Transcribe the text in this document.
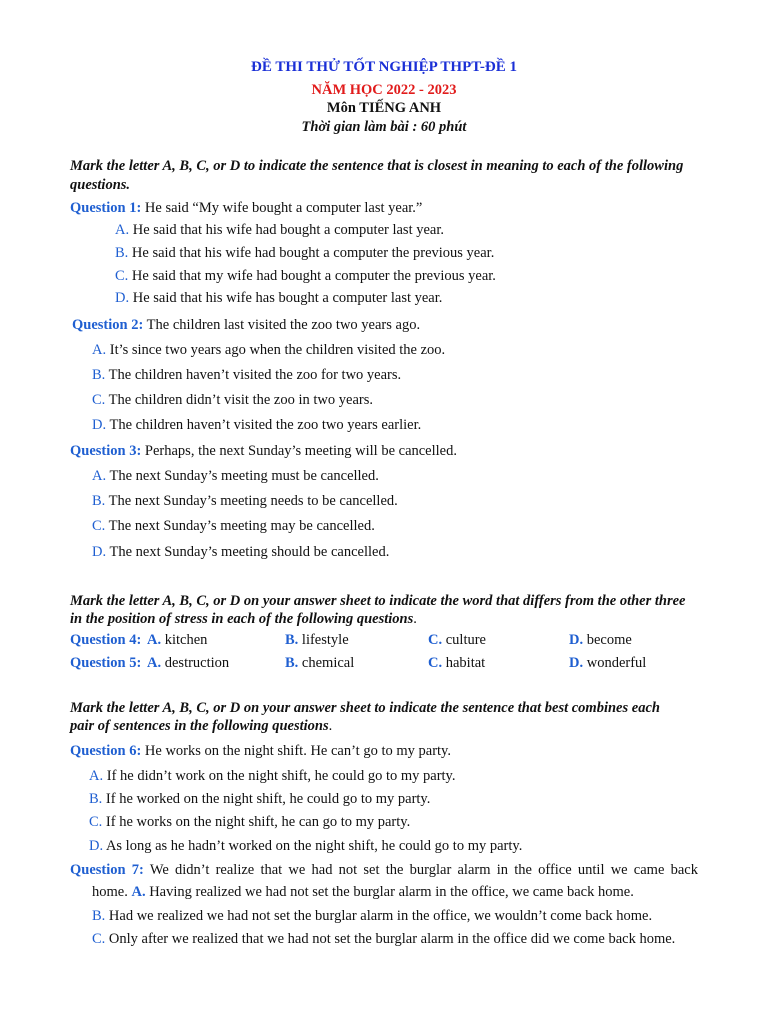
ĐỀ THI THỬ TỐT NGHIỆP THPT-ĐỀ 1
NĂM HỌC 2022 - 2023
Môn TIẾNG ANH
Thời gian làm bài : 60 phút
Mark the letter A, B, C, or D to indicate the sentence that is closest in meaning to each of the following
questions.
Question 1: He said “My wife bought a computer last year.”
A. He said that his wife had bought a computer last year.
B. He said that his wife had bought a computer the previous year.
C. He said that my wife had bought a computer the previous year.
D. He said that his wife has bought a computer last year.
Question 2: The children last visited the zoo two years ago.
A. It’s since two years ago when the children visited the zoo.
B. The children haven’t visited the zoo for two years.
C. The children didn’t visit the zoo in two years.
D. The children haven’t visited the zoo two years earlier.
Question 3: Perhaps, the next Sunday’s meeting will be cancelled.
A. The next Sunday’s meeting must be cancelled.
B. The next Sunday’s meeting needs to be cancelled.
C. The next Sunday’s meeting may be cancelled.
D. The next Sunday’s meeting should be cancelled.
Mark the letter A, B, C, or D on your answer sheet to indicate the word that differs from the other three
in the position of stress in each of the following questions.
Question 4: A. kitchen	B. lifestyle	C. culture	D. become
Question 5: A. destruction	B. chemical	C. habitat	D. wonderful
Mark the letter A, B, C, or D on your answer sheet to indicate the sentence that best combines each
pair of sentences in the following questions.
Question 6: He works on the night shift. He can’t go to my party.
A. If he didn’t work on the night shift, he could go to my party.
B. If he worked on the night shift, he could go to my party.
C. If he works on the night shift, he can go to my party.
D. As long as he hadn’t worked on the night shift, he could go to my party.
Question 7: We didn’t realize that we had not set the burglar alarm in the office until we came back
home. A. Having realized we had not set the burglar alarm in the office, we came back home.
B. Had we realized we had not set the burglar alarm in the office, we wouldn’t come back home.
C. Only after we realized that we had not set the burglar alarm in the office did we come back home.
